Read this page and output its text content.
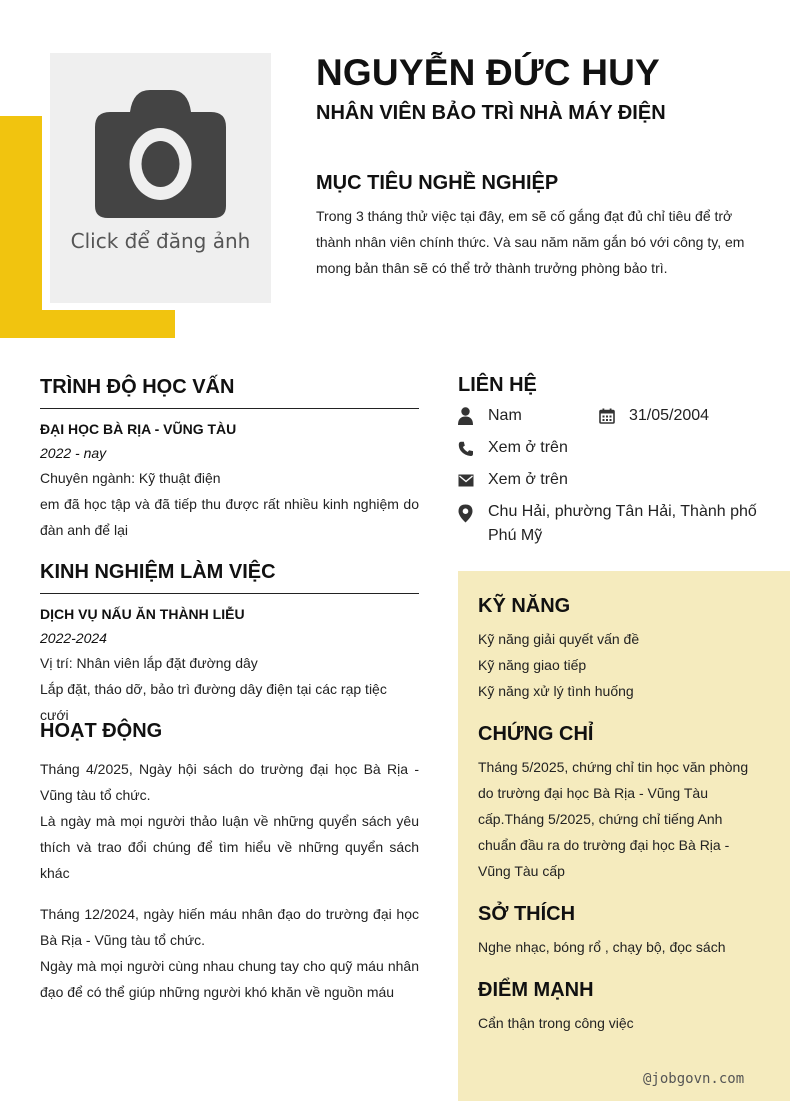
Click để đăng ảnh
NGUYỄN ĐỨC HUY
NHÂN VIÊN BẢO TRÌ NHÀ MÁY ĐIỆN
MỤC TIÊU NGHỀ NGHIỆP
Trong 3 tháng thử việc tại đây, em sẽ cố gắng đạt đủ chỉ tiêu để trở thành nhân viên chính thức. Và sau năm năm gắn bó với công ty, em mong bản thân sẽ có thể trở thành trưởng phòng bảo trì.
TRÌNH ĐỘ HỌC VẤN
ĐẠI HỌC BÀ RỊA - VŨNG TÀU
2022 - nay
Chuyên ngành: Kỹ thuật điện
em đã học tập và đã tiếp thu được rất nhiều kinh nghiệm do đàn anh để lại
KINH NGHIỆM LÀM VIỆC
DỊCH VỤ NẤU ĂN THÀNH LIỄU
2022-2024
Vị trí: Nhân viên lắp đặt đường dây
Lắp đặt, tháo dỡ, bảo trì đường dây điện tại các rạp tiệc cưới
HOẠT ĐỘNG
Tháng 4/2025, Ngày hội sách do trường đại học Bà Rịa - Vũng tàu tổ chức.
Là ngày mà mọi người thảo luận về những quyển sách yêu thích và trao đổi chúng để tìm hiểu về những quyển sách khác
Tháng 12/2024, ngày hiến máu nhân đạo do trường đại học Bà Rịa - Vũng tàu tổ chức.
Ngày mà mọi người cùng nhau chung tay cho quỹ máu nhân đạo để có thể giúp những người khó khăn về nguồn máu
LIÊN HỆ
Nam	31/05/2004
Xem ở trên
Xem ở trên
Chu Hải, phường Tân Hải, Thành phố Phú Mỹ
KỸ NĂNG
Kỹ năng giải quyết vấn đề
Kỹ năng giao tiếp
Kỹ năng xử lý tình huống
CHỨNG CHỈ
Tháng 5/2025, chứng chỉ tin học văn phòng do trường đại học Bà Rịa - Vũng Tàu cấp.Tháng 5/2025, chứng chỉ tiếng Anh chuẩn đầu ra do trường đại học Bà Rịa - Vũng Tàu cấp
SỞ THÍCH
Nghe nhạc, bóng rổ , chạy bộ, đọc sách
ĐIỂM MẠNH
Cẩn thận trong công việc
@jobgovn.com
